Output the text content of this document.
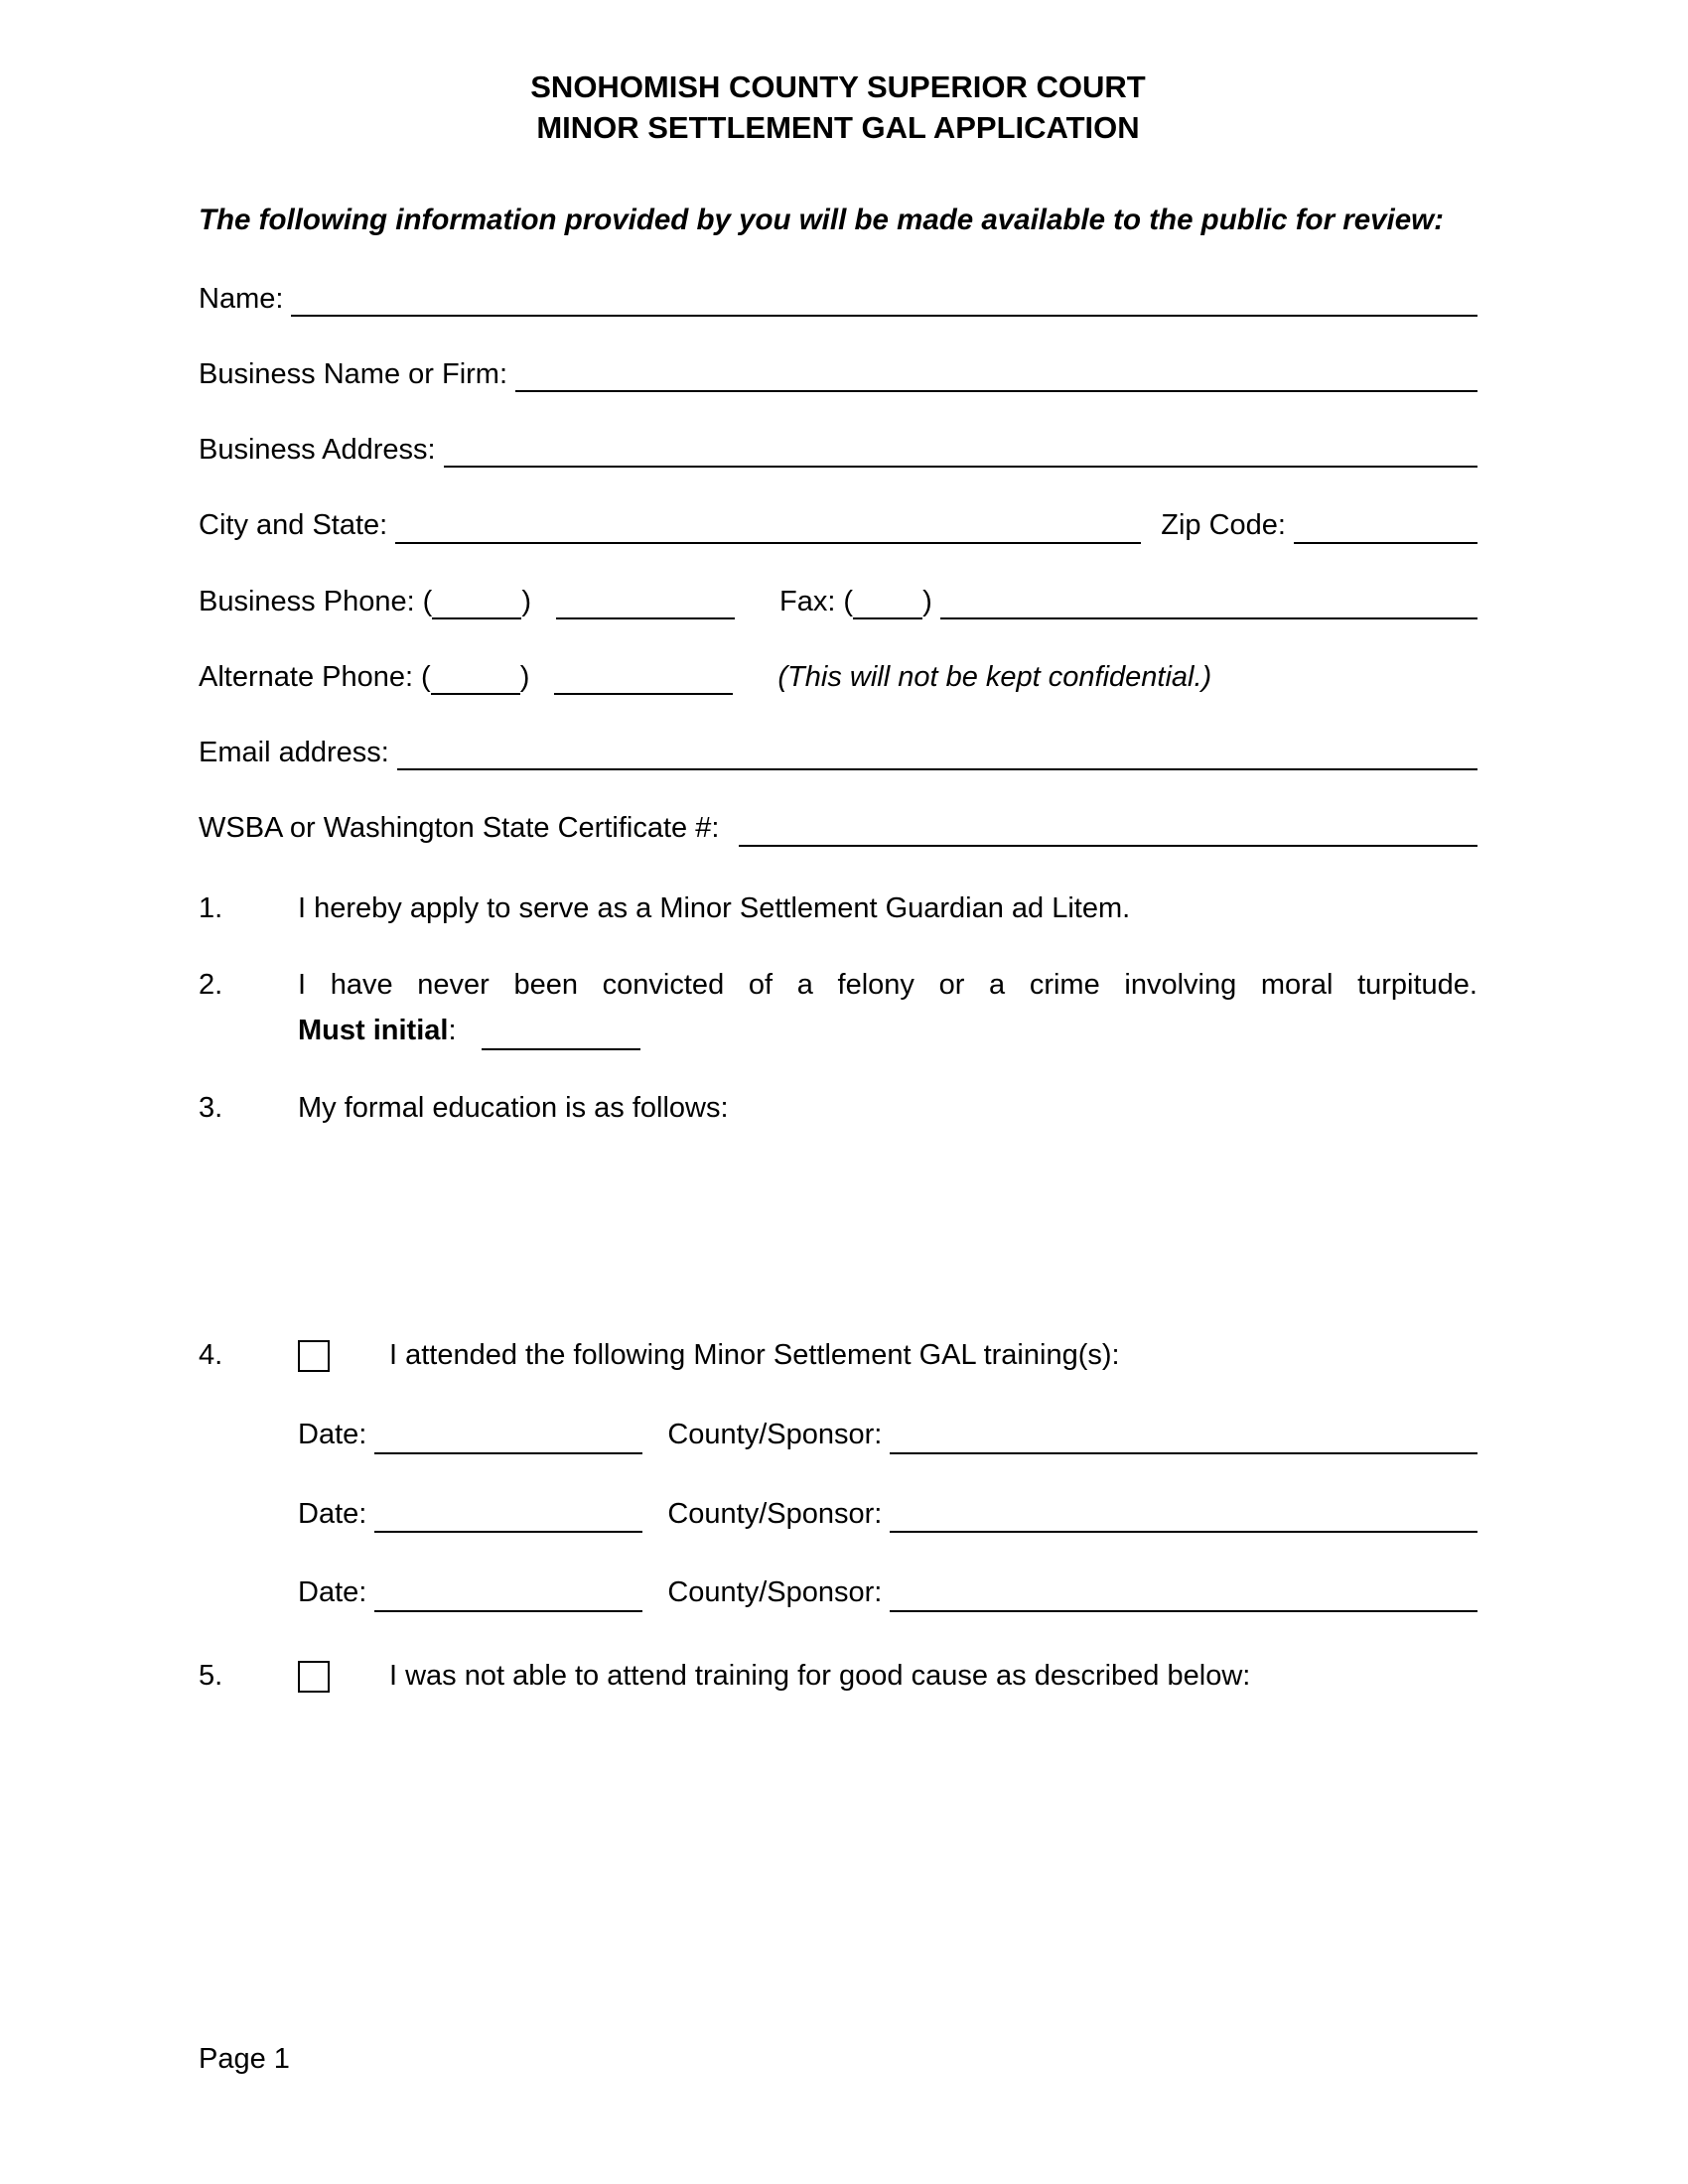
SNOHOMISH COUNTY SUPERIOR COURT
MINOR SETTLEMENT GAL APPLICATION

The following information provided by you will be made available to the public for review:

Name:
Business Name or Firm:
Business Address:
City and State:	Zip Code:
Business Phone: (	)	Fax: ( )
Alternate Phone: (	)	(This will not be kept confidential.)
Email address:
WSBA or Washington State Certificate #:
1.	I hereby apply to serve as a Minor Settlement Guardian ad Litem.
2.	I have never been convicted of a felony or a crime involving moral turpitude.
Must initial :
3.	My formal education is as follows:
4.	I attended the following Minor Settlement GAL training(s):
Date:	County/Sponsor:
Date:	County/Sponsor:
Date:	County/Sponsor:
5.	I was not able to attend training for good cause as described below:
Page 1
